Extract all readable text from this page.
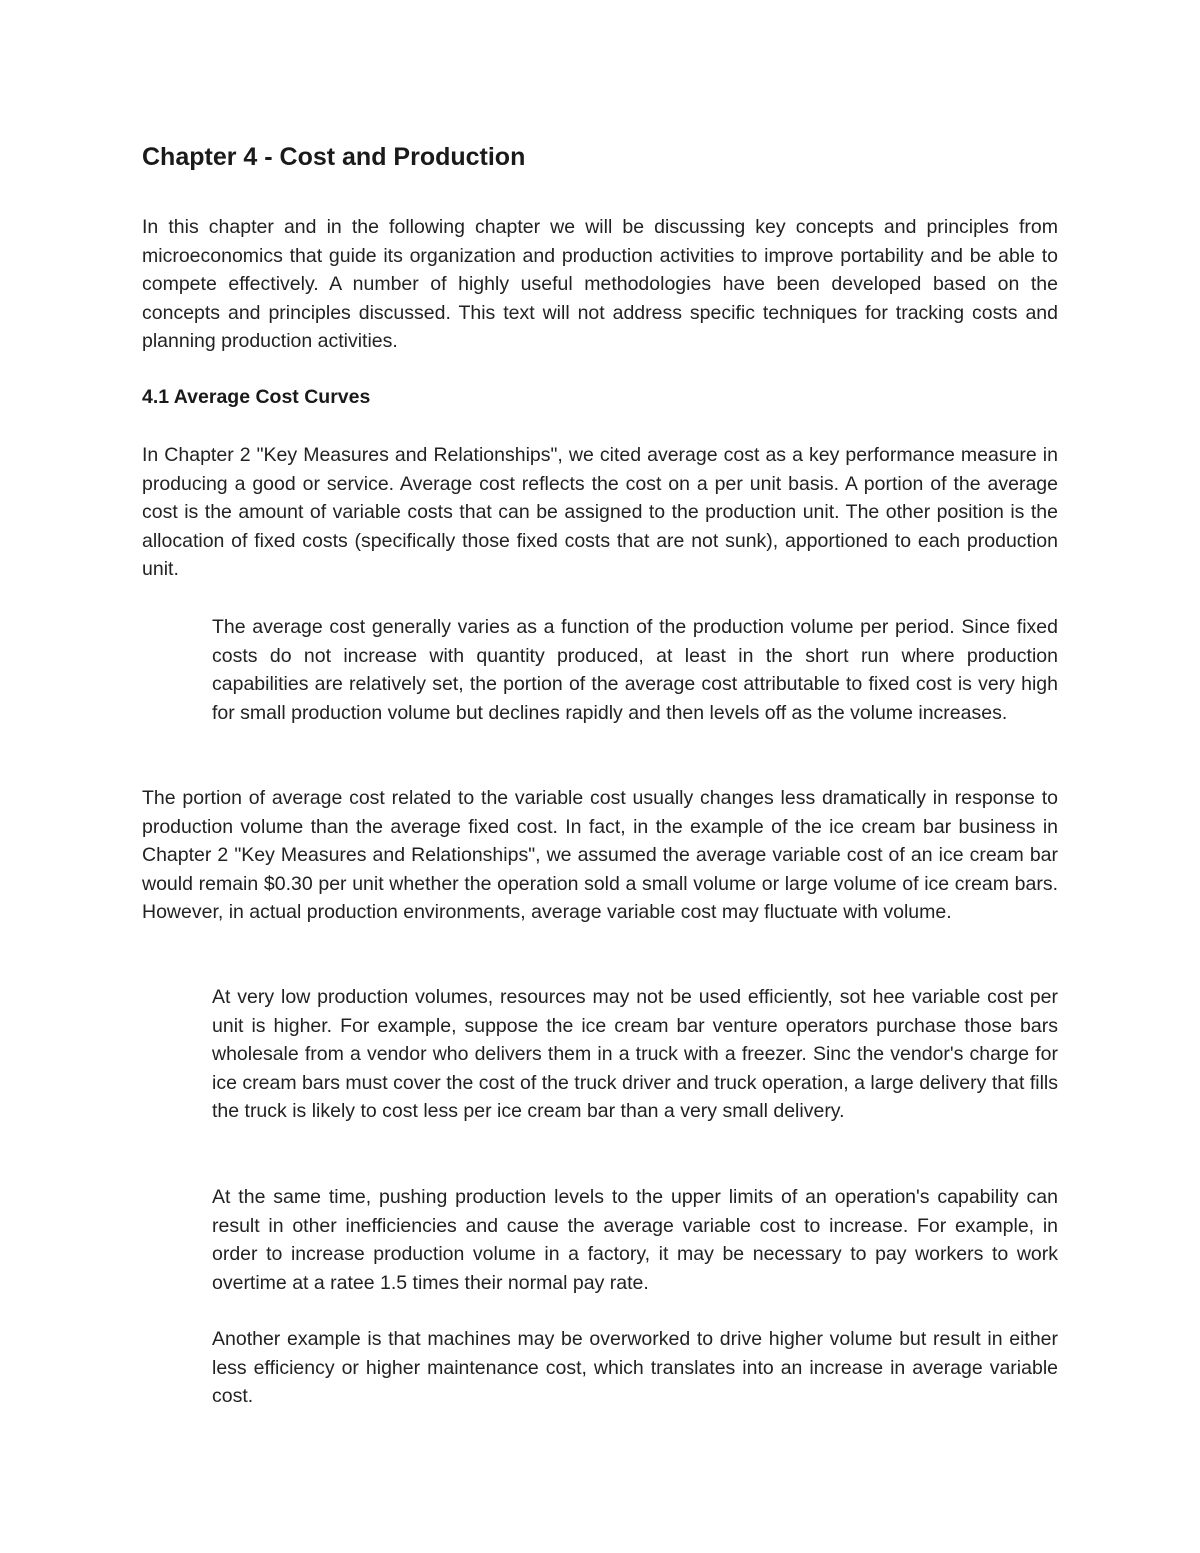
Chapter 4 - Cost and Production

In this chapter and in the following chapter we will be discussing key concepts and principles from microeconomics that guide its organization and production activities to improve portability and be able to compete effectively. A number of highly useful methodologies have been developed based on the concepts and principles discussed. This text will not address specific techniques for tracking costs and planning production activities.

4.1 Average Cost Curves

In Chapter 2 "Key Measures and Relationships", we cited average cost as a key performance measure in producing a good or service. Average cost reflects the cost on a per unit basis. A portion of the average cost is the amount of variable costs that can be assigned to the production unit. The other position is the allocation of fixed costs (specifically those fixed costs that are not sunk), apportioned to each production unit.

The average cost generally varies as a function of the production volume per period. Since fixed costs do not increase with quantity produced, at least in the short run where production capabilities are relatively set, the portion of the average cost attributable to fixed cost is very high for small production volume but declines rapidly and then levels off as the volume increases.

The portion of average cost related to the variable cost usually changes less dramatically in response to production volume than the average fixed cost. In fact, in the example of the ice cream bar business in Chapter 2 "Key Measures and Relationships", we assumed the average variable cost of an ice cream bar would remain $0.30 per unit whether the operation sold a small volume or large volume of ice cream bars. However, in actual production environments, average variable cost may fluctuate with volume.

At very low production volumes, resources may not be used efficiently, sot hee variable cost per unit is higher. For example, suppose the ice cream bar venture operators purchase those bars wholesale from a vendor who delivers them in a truck with a freezer. Sinc the vendor's charge for ice cream bars must cover the cost of the truck driver and truck operation, a large delivery that fills the truck is likely to cost less per ice cream bar than a very small delivery.

At the same time, pushing production levels to the upper limits of an operation's capability can result in other inefficiencies and cause the average variable cost to increase. For example, in order to increase production volume in a factory, it may be necessary to pay workers to work overtime at a ratee 1.5 times their normal pay rate.

Another example is that machines may be overworked to drive higher volume but result in either less efficiency or higher maintenance cost, which translates into an increase in average variable cost.
